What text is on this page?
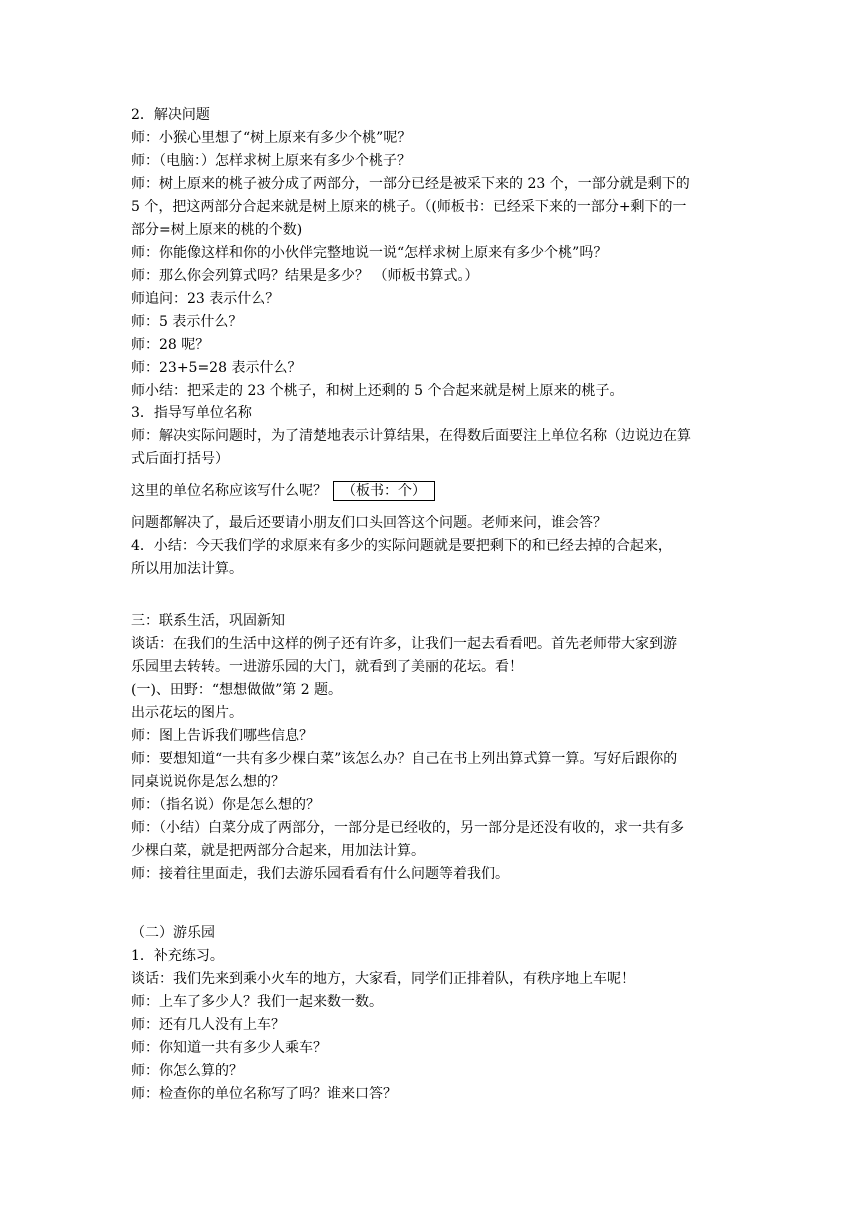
2．解决问题
师：小猴心里想了“树上原来有多少个桃”呢？
师：（电脑：）怎样求树上原来有多少个桃子？
师：树上原来的桃子被分成了两部分，一部分已经是被采下来的 23 个，一部分就是剩下的
5 个，把这两部分合起来就是树上原来的桃子。（(师板书：已经采下来的一部分+剩下的一
部分=树上原来的桃的个数)
师：你能像这样和你的小伙伴完整地说一说“怎样求树上原来有多少个桃”吗？
师：那么你会列算式吗？结果是多少？ （师板书算式。）
师追问：23 表示什么？
师：5 表示什么？
师：28 呢？
师：23+5=28 表示什么？
师小结：把采走的 23 个桃子，和树上还剩的 5 个合起来就是树上原来的桃子。
3．指导写单位名称
师：解决实际问题时，为了清楚地表示计算结果，在得数后面要注上单位名称（边说边在算
式后面打括号）
这里的单位名称应该写什么呢？ （板书：个）
问题都解决了，最后还要请小朋友们口头回答这个问题。老师来问，谁会答？
4．小结：今天我们学的求原来有多少的实际问题就是要把剩下的和已经去掉的合起来，
所以用加法计算。
三：联系生活，巩固新知
谈话：在我们的生活中这样的例子还有许多，让我们一起去看看吧。首先老师带大家到游
乐园里去转转。一进游乐园的大门，就看到了美丽的花坛。看！
(一)、田野：“想想做做”第 2 题。
出示花坛的图片。
师：图上告诉我们哪些信息？
师：要想知道“一共有多少棵白菜”该怎么办？自己在书上列出算式算一算。写好后跟你的
同桌说说你是怎么想的？
师：（指名说）你是怎么想的？
师：（小结）白菜分成了两部分，一部分是已经收的，另一部分是还没有收的，求一共有多
少棵白菜，就是把两部分合起来，用加法计算。
师：接着往里面走，我们去游乐园看看有什么问题等着我们。
（二）游乐园
1．补充练习。
谈话：我们先来到乘小火车的地方，大家看，同学们正排着队，有秩序地上车呢！
师：上车了多少人？我们一起来数一数。
师：还有几人没有上车？
师：你知道一共有多少人乘车？
师：你怎么算的？
师：检查你的单位名称写了吗？谁来口答？
